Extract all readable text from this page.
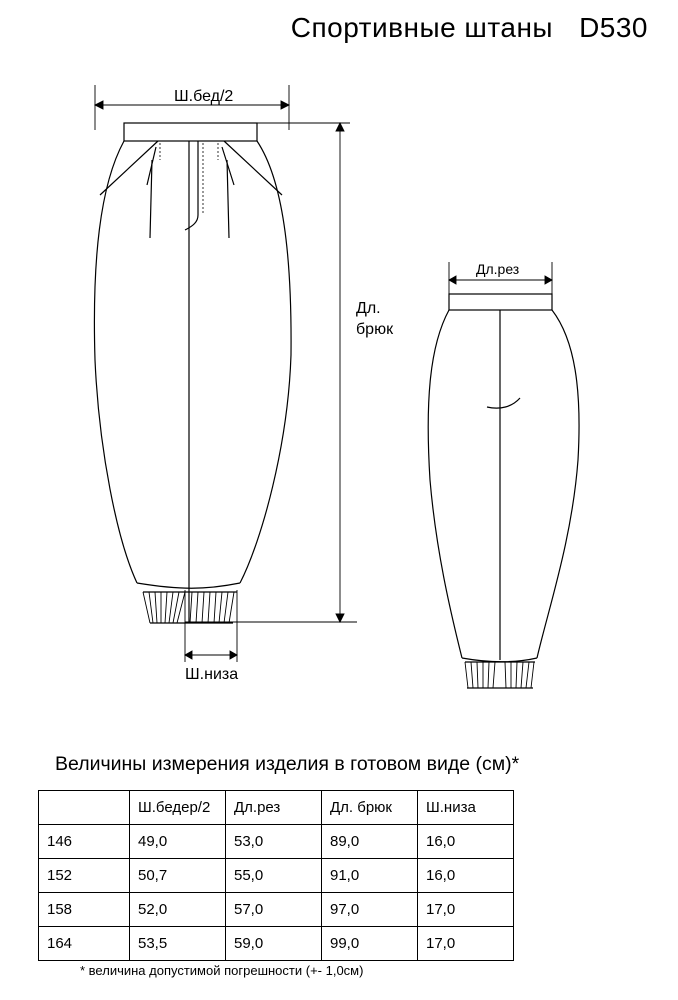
Спортивные штаны D530
Ш.бед/2
Дл.
брюк
Ш.низа
Дл.рез
Величины измерения изделия в готовом виде (см)*
	Ш.бедер/2	Дл.рез	Дл. брюк	Ш.низа
146	49,0	53,0	89,0	16,0
152	50,7	55,0	91,0	16,0
158	52,0	57,0	97,0	17,0
164	53,5	59,0	99,0	17,0
* величина допустимой погрешности (+- 1,0см)
